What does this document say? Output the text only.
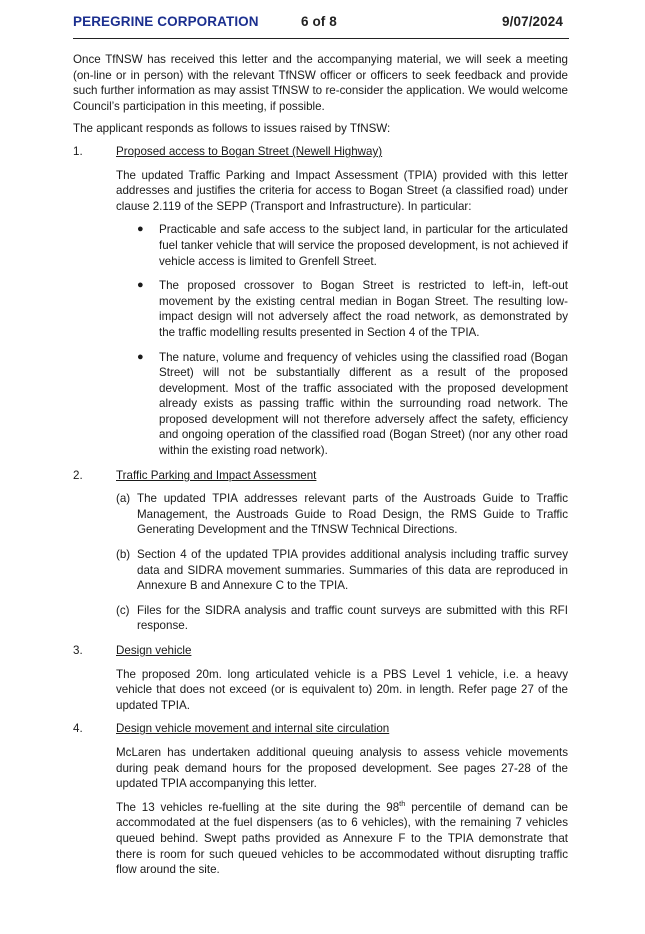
PEREGRINE CORPORATION	6 of 8	9/07/2024

Once TfNSW has received this letter and the accompanying material, we will seek a meeting (on-line or in person) with the relevant TfNSW officer or officers to seek feedback and provide such further information as may assist TfNSW to re-consider the application. We would welcome Council’s participation in this meeting, if possible.

The applicant responds as follows to issues raised by TfNSW:

1.	Proposed access to Bogan Street (Newell Highway)

The updated Traffic Parking and Impact Assessment (TPIA) provided with this letter addresses and justifies the criteria for access to Bogan Street (a classified road) under clause 2.119 of the SEPP (Transport and Infrastructure). In particular:

● Practicable and safe access to the subject land, in particular for the articulated fuel tanker vehicle that will service the proposed development, is not achieved if vehicle access is limited to Grenfell Street.
● The proposed crossover to Bogan Street is restricted to left-in, left-out movement by the existing central median in Bogan Street. The resulting low-impact design will not adversely affect the road network, as demonstrated by the traffic modelling results presented in Section 4 of the TPIA.
● The nature, volume and frequency of vehicles using the classified road (Bogan Street) will not be substantially different as a result of the proposed development. Most of the traffic associated with the proposed development already exists as passing traffic within the surrounding road network. The proposed development will not therefore adversely affect the safety, efficiency and ongoing operation of the classified road (Bogan Street) (nor any other road within the existing road network).
2.	Traffic Parking and Impact Assessment
(a) The updated TPIA addresses relevant parts of the Austroads Guide to Traffic Management, the Austroads Guide to Road Design, the RMS Guide to Traffic Generating Development and the TfNSW Technical Directions.
(b) Section 4 of the updated TPIA provides additional analysis including traffic survey data and SIDRA movement summaries. Summaries of this data are reproduced in Annexure B and Annexure C to the TPIA.
(c) Files for the SIDRA analysis and traffic count surveys are submitted with this RFI response.
3.	Design vehicle

The proposed 20m. long articulated vehicle is a PBS Level 1 vehicle, i.e. a heavy vehicle that does not exceed (or is equivalent to) 20m. in length. Refer page 27 of the updated TPIA.

4.	Design vehicle movement and internal site circulation

McLaren has undertaken additional queuing analysis to assess vehicle movements during peak demand hours for the proposed development. See pages 27-28 of the updated TPIA accompanying this letter.

The 13 vehicles re-fuelling at the site during the 98th percentile of demand can be accommodated at the fuel dispensers (as to 6 vehicles), with the remaining 7 vehicles queued behind. Swept paths provided as Annexure F to the TPIA demonstrate that there is room for such queued vehicles to be accommodated without disrupting traffic flow around the site.
